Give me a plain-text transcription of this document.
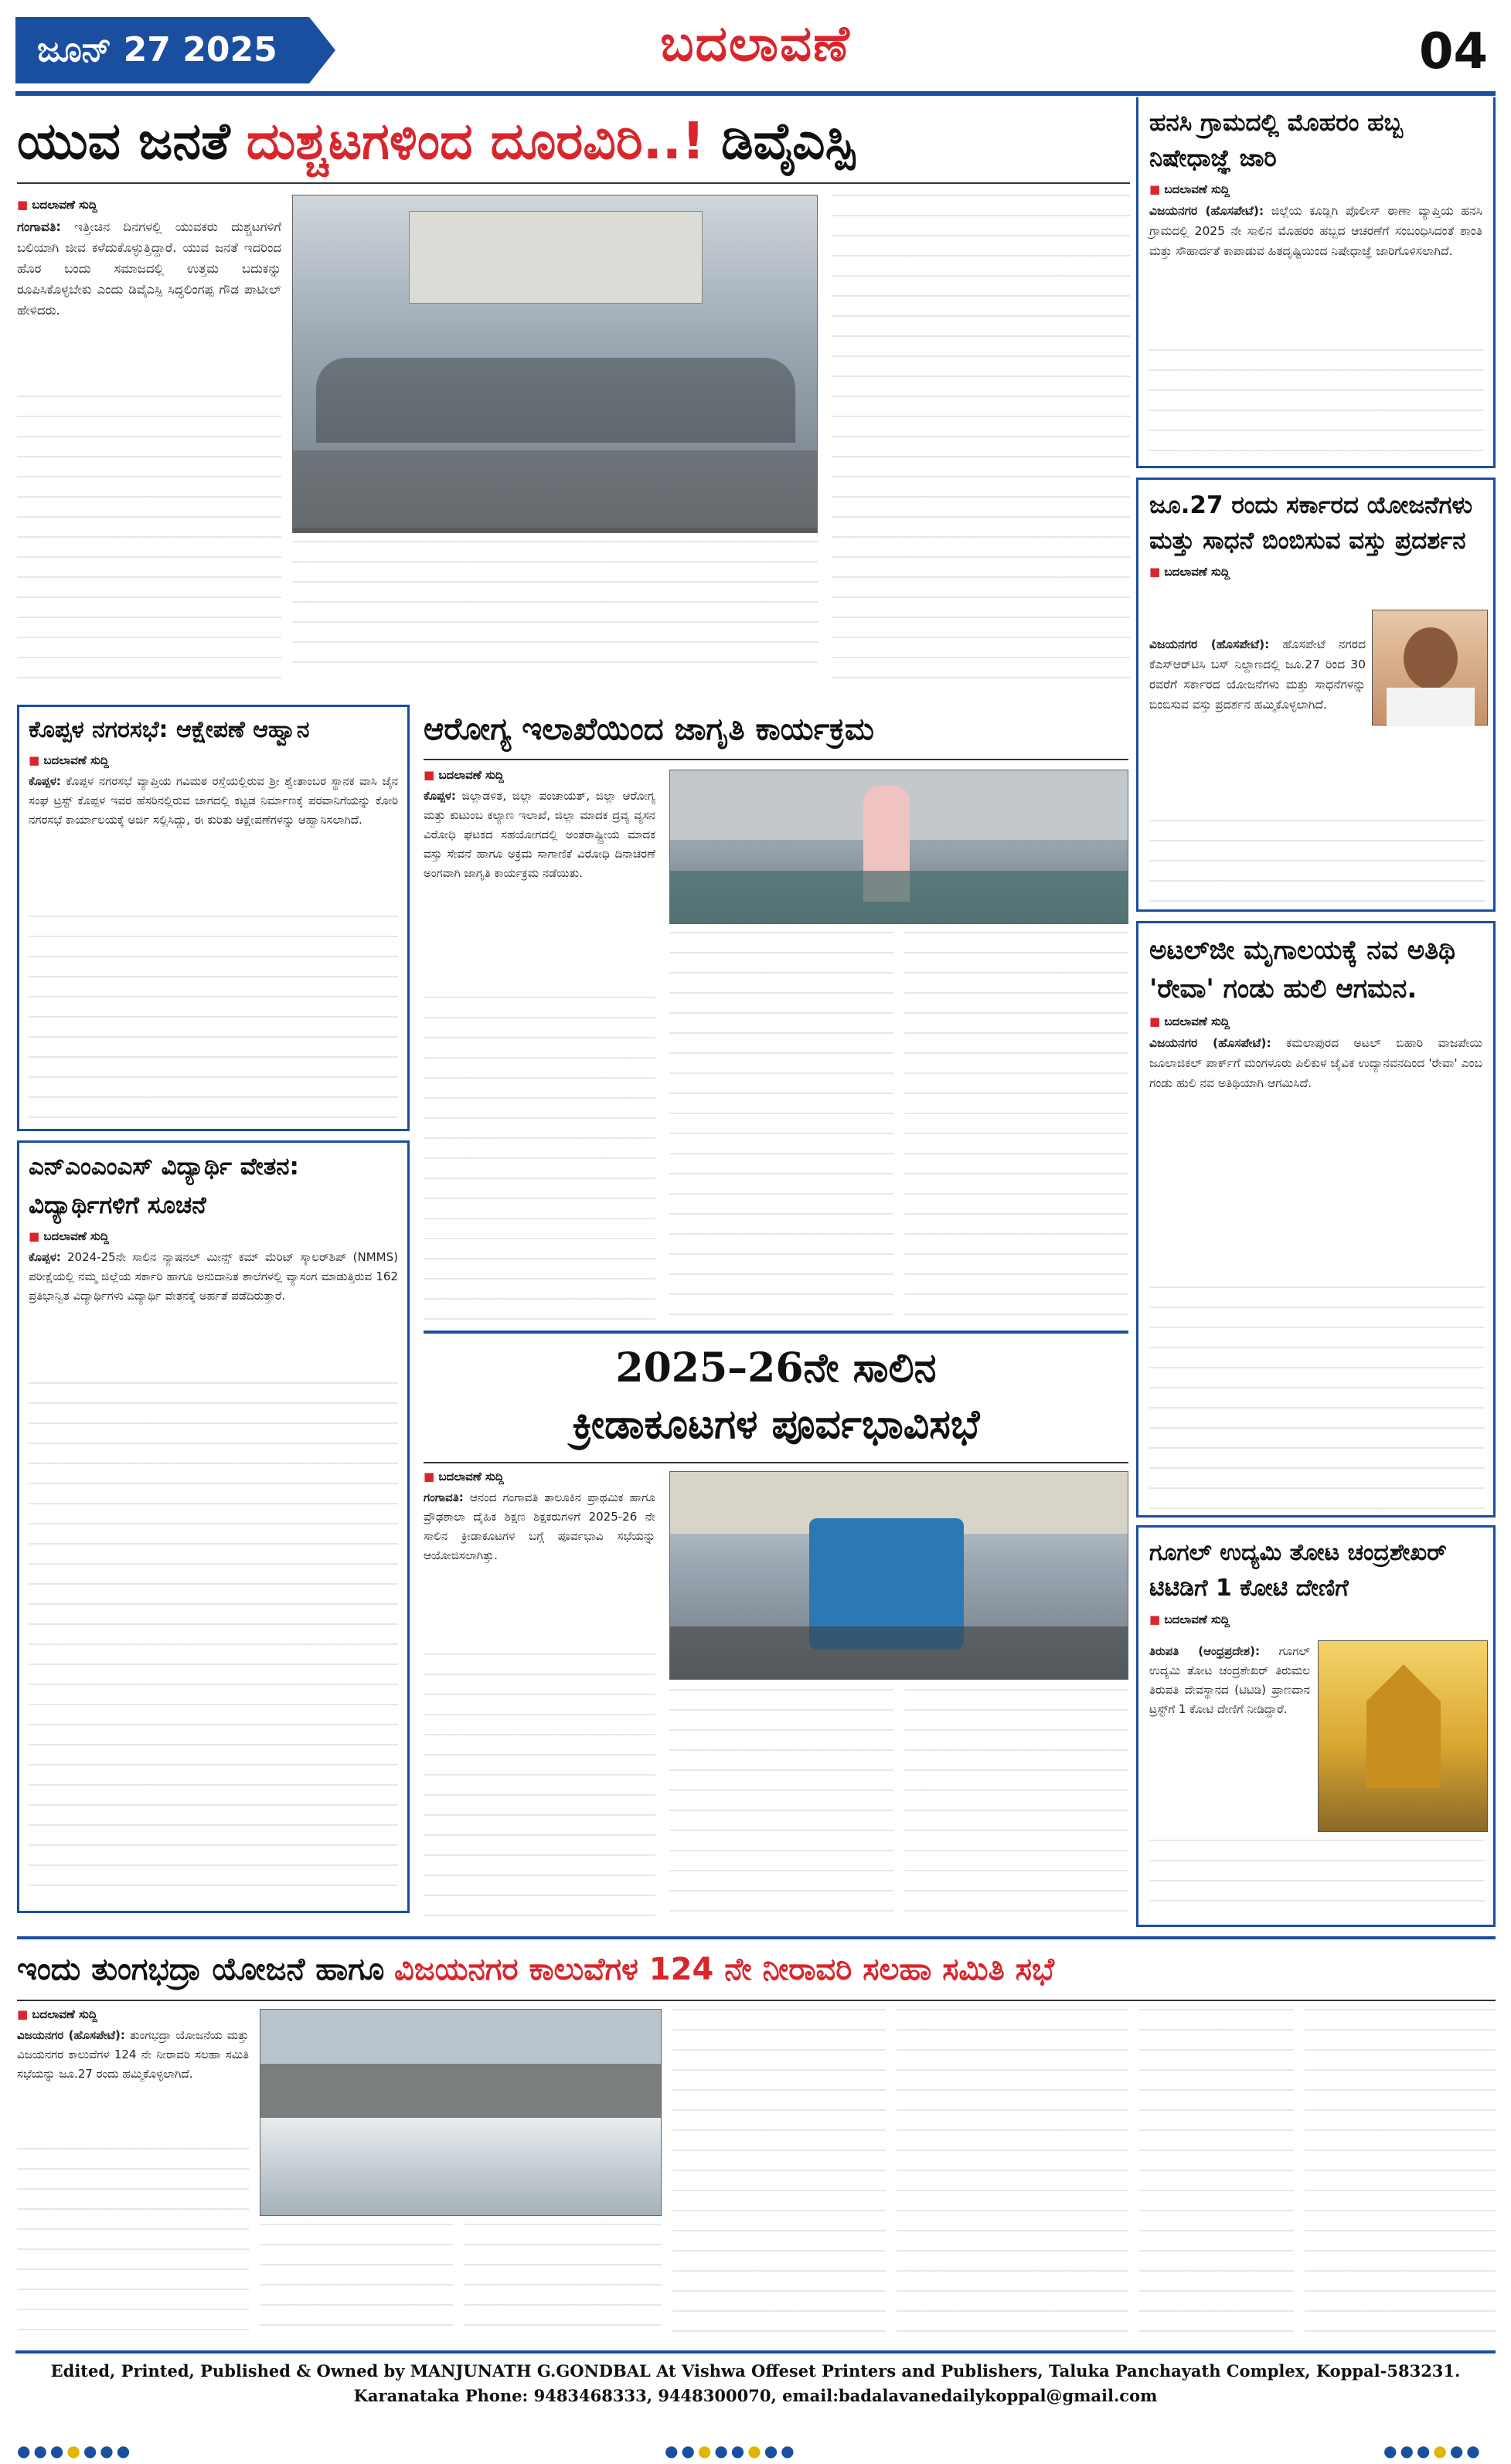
ಜೂನ್ 27 2025	ಬದಲಾವಣೆ	04
ಯುವ ಜನತೆ ದುಶ್ಚಟಗಳಿಂದ ದೂರವಿರಿ..! ಡಿವೈಎಸ್ಪಿ
■ ಬದಲಾವಣೆ ಸುದ್ದಿ
ಗಂಗಾವತಿ: ಇತ್ತೀಚಿನ ದಿನಗಳಲ್ಲಿ ಯುವಕರು ದುಶ್ಚಟಗಳಿಗೆ ಬಲಿಯಾಗಿ ಜೀವ ಕಳೆದುಕೊಳ್ಳುತ್ತಿದ್ದಾರೆ. ಯುವ ಜನತೆ ಇದರಿಂದ ಹೊರ ಬಂದು ಸಮಾಜದಲ್ಲಿ ಉತ್ತಮ ಬದುಕನ್ನು ರೂಪಿಸಿಕೊಳ್ಳಬೇಕು ಎಂದು ಡಿವೈಎಸ್ಪಿ ಸಿದ್ಧಲಿಂಗಪ್ಪ ಗೌಡ ಪಾಟೀಲ್ ಹೇಳಿದರು.
ಹನಸಿ ಗ್ರಾಮದಲ್ಲಿ ಮೊಹರಂ ಹಬ್ಬ ನಿಷೇಧಾಜ್ಞೆ ಜಾರಿ
■ ಬದಲಾವಣೆ ಸುದ್ದಿ
ವಿಜಯನಗರ (ಹೊಸಪೇಟೆ): ಜಿಲ್ಲೆಯ ಕೂಡ್ಲಿಗಿ ಪೊಲೀಸ್ ಠಾಣಾ ವ್ಯಾಪ್ತಿಯ ಹನಸಿ ಗ್ರಾಮದಲ್ಲಿ 2025 ನೇ ಸಾಲಿನ ಮೊಹರಂ ಹಬ್ಬದ ಆಚರಣೆಗೆ ಸಂಬಂಧಿಸಿದಂತೆ ಶಾಂತಿ ಮತ್ತು ಸೌಹಾರ್ದತೆ ಕಾಪಾಡುವ ಹಿತದೃಷ್ಟಿಯಿಂದ ನಿಷೇಧಾಜ್ಞೆ ಜಾರಿಗೊಳಿಸಲಾಗಿದೆ.
ಜೂ.27 ರಂದು ಸರ್ಕಾರದ ಯೋಜನೆಗಳು ಮತ್ತು ಸಾಧನೆ ಬಿಂಬಿಸುವ ವಸ್ತು ಪ್ರದರ್ಶನ
■ ಬದಲಾವಣೆ ಸುದ್ದಿ
ವಿಜಯನಗರ (ಹೊಸಪೇಟೆ): ಹೊಸಪೇಟೆ ನಗರದ ಕೆಎಸ್ಆರ್‌ಟಿಸಿ ಬಸ್ ನಿಲ್ದಾಣದಲ್ಲಿ ಜೂ.27 ರಿಂದ 30 ರವರೆಗೆ ಸರ್ಕಾರದ ಯೋಜನೆಗಳು ಮತ್ತು ಸಾಧನೆಗಳನ್ನು ಬಿಂಬಿಸುವ ವಸ್ತು ಪ್ರದರ್ಶನ ಹಮ್ಮಿಕೊಳ್ಳಲಾಗಿದೆ.
ಅಟಲ್‌ಜೀ ಮೃಗಾಲಯಕ್ಕೆ ನವ ಅತಿಥಿ 'ರೇವಾ' ಗಂಡು ಹುಲಿ ಆಗಮನ.
■ ಬದಲಾವಣೆ ಸುದ್ದಿ
ವಿಜಯನಗರ (ಹೊಸಪೇಟೆ): ಕಮಲಾಪುರದ ಅಟಲ್ ಬಿಹಾರಿ ವಾಜಪೇಯಿ ಜೂಲಾಜಿಕಲ್ ಪಾರ್ಕ್‌ಗೆ ಮಂಗಳೂರು ಪಿಲಿಕುಳ ಜೈವಿಕ ಉದ್ಯಾನವನದಿಂದ 'ರೇವಾ' ಎಂಬ ಗಂಡು ಹುಲಿ ನವ ಅತಿಥಿಯಾಗಿ ಆಗಮಿಸಿದೆ.
ಗೂಗಲ್ ಉದ್ಯಮಿ ತೋಟ ಚಂದ್ರಶೇಖರ್ ಟಿಟಿಡಿಗೆ 1 ಕೋಟಿ ದೇಣಿಗೆ
■ ಬದಲಾವಣೆ ಸುದ್ದಿ
ತಿರುಪತಿ (ಆಂಧ್ರಪ್ರದೇಶ): ಗೂಗಲ್ ಉದ್ಯಮಿ ತೋಟ ಚಂದ್ರಶೇಖರ್ ತಿರುಮಲ ತಿರುಪತಿ ದೇವಸ್ಥಾನದ (ಟಿಟಿಡಿ) ಪ್ರಾಣದಾನ ಟ್ರಸ್ಟ್‌ಗೆ 1 ಕೋಟಿ ದೇಣಿಗೆ ನೀಡಿದ್ದಾರೆ.
ಕೊಪ್ಪಳ ನಗರಸಭೆ: ಆಕ್ಷೇಪಣೆ ಆಹ್ವಾನ
■ ಬದಲಾವಣೆ ಸುದ್ದಿ
ಕೊಪ್ಪಳ: ಕೊಪ್ಪಳ ನಗರಸಭೆ ವ್ಯಾಪ್ತಿಯ ಗವಿಮಠ ರಸ್ತೆಯಲ್ಲಿರುವ ಶ್ರೀ ಶ್ವೇತಾಂಬರ ಸ್ಥಾನಕ ವಾಸಿ ಜೈನ ಸಂಘ ಟ್ರಸ್ಟ್ ಕೊಪ್ಪಳ ಇವರ ಹೆಸರಿನಲ್ಲಿರುವ ಜಾಗದಲ್ಲಿ ಕಟ್ಟಡ ನಿರ್ಮಾಣಕ್ಕೆ ಪರವಾನಿಗೆಯನ್ನು ಕೋರಿ ನಗರಸಭೆ ಕಾರ್ಯಾಲಯಕ್ಕೆ ಅರ್ಜಿ ಸಲ್ಲಿಸಿದ್ದು, ಈ ಕುರಿತು ಆಕ್ಷೇಪಣೆಗಳನ್ನು ಆಹ್ವಾನಿಸಲಾಗಿದೆ.
ಎನ್‌ಎಂಎಂಎಸ್ ವಿದ್ಯಾರ್ಥಿ ವೇತನ: ವಿದ್ಯಾರ್ಥಿಗಳಿಗೆ ಸೂಚನೆ
■ ಬದಲಾವಣೆ ಸುದ್ದಿ
ಕೊಪ್ಪಳ: 2024-25ನೇ ಸಾಲಿನ ನ್ಯಾಷನಲ್ ಮೀನ್ಸ್ ಕಮ್ ಮೆರಿಟ್ ಸ್ಕಾಲರ್‌ಶಿಪ್ (NMMS) ಪರೀಕ್ಷೆಯಲ್ಲಿ ನಮ್ಮ ಜಿಲ್ಲೆಯ ಸರ್ಕಾರಿ ಹಾಗೂ ಅನುದಾನಿತ ಶಾಲೆಗಳಲ್ಲಿ ವ್ಯಾಸಂಗ ಮಾಡುತ್ತಿರುವ 162 ಪ್ರತಿಭಾನ್ವಿತ ವಿದ್ಯಾರ್ಥಿಗಳು ವಿದ್ಯಾರ್ಥಿ ವೇತನಕ್ಕೆ ಅರ್ಹತೆ ಪಡೆದಿರುತ್ತಾರೆ.
ಆರೋಗ್ಯ ಇಲಾಖೆಯಿಂದ ಜಾಗೃತಿ ಕಾರ್ಯಕ್ರಮ
■ ಬದಲಾವಣೆ ಸುದ್ದಿ
ಕೊಪ್ಪಳ: ಜಿಲ್ಲಾಡಳಿತ, ಜಿಲ್ಲಾ ಪಂಚಾಯತ್, ಜಿಲ್ಲಾ ಆರೋಗ್ಯ ಮತ್ತು ಕುಟುಂಬ ಕಲ್ಯಾಣ ಇಲಾಖೆ, ಜಿಲ್ಲಾ ಮಾದಕ ದ್ರವ್ಯ ವ್ಯಸನ ವಿರೋಧಿ ಘಟಕದ ಸಹಯೋಗದಲ್ಲಿ ಅಂತರಾಷ್ಟ್ರೀಯ ಮಾದಕ ವಸ್ತು ಸೇವನೆ ಹಾಗೂ ಅಕ್ರಮ ಸಾಗಾಣಿಕೆ ವಿರೋಧಿ ದಿನಾಚರಣೆ ಅಂಗವಾಗಿ ಜಾಗೃತಿ ಕಾರ್ಯಕ್ರಮ ನಡೆಯಿತು.
2025–26ನೇ ಸಾಲಿನ
ಕ್ರೀಡಾಕೂಟಗಳ ಪೂರ್ವಭಾವಿಸಭೆ
■ ಬದಲಾವಣೆ ಸುದ್ದಿ
ಗಂಗಾವತಿ: ಆನಂದ ಗಂಗಾವತಿ ತಾಲೂಕಿನ ಪ್ರಾಥಮಿಕ ಹಾಗೂ ಪ್ರೌಢಶಾಲಾ ದೈಹಿಕ ಶಿಕ್ಷಣ ಶಿಕ್ಷಕರುಗಳಿಗೆ 2025-26 ನೇ ಸಾಲಿನ ಕ್ರೀಡಾಕೂಟಗಳ ಬಗ್ಗೆ ಪೂರ್ವಭಾವಿ ಸಭೆಯನ್ನು ಆಯೋಜಿಸಲಾಗಿತ್ತು.
ಇಂದು ತುಂಗಭದ್ರಾ ಯೋಜನೆ ಹಾಗೂ ವಿಜಯನಗರ ಕಾಲುವೆಗಳ 124 ನೇ ನೀರಾವರಿ ಸಲಹಾ ಸಮಿತಿ ಸಭೆ
■ ಬದಲಾವಣೆ ಸುದ್ದಿ
ವಿಜಯನಗರ (ಹೊಸಪೇಟೆ): ತುಂಗಭದ್ರಾ ಯೋಜನೆಯ ಮತ್ತು ವಿಜಯನಗರ ಕಾಲುವೆಗಳ 124 ನೇ ನೀರಾವರಿ ಸಲಹಾ ಸಮಿತಿ ಸಭೆಯನ್ನು ಜೂ.27 ರಂದು ಹಮ್ಮಿಕೊಳ್ಳಲಾಗಿದೆ.
Edited, Printed, Published & Owned by MANJUNATH G.GONDBAL At Vishwa Offeset Printers and Publishers, Taluka Panchayath Complex, Koppal-583231.
Karanataka Phone: 9483468333, 9448300070, email:badalavanedailykoppal@gmail.com
●●●●●●●	●●●●●●●●	●●●●●●
